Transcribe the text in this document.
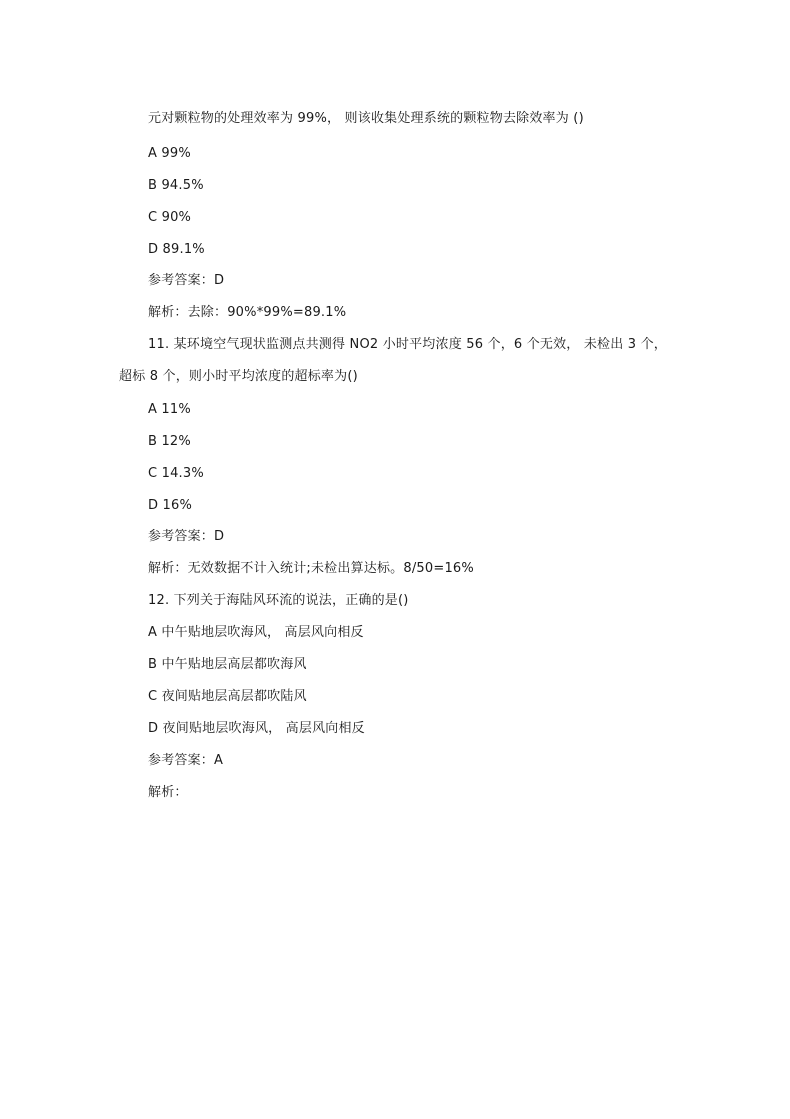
元对颗粒物的处理效率为 99%， 则该收集处理系统的颗粒物去除效率为 ()
A 99%
B 94.5%
C 90%
D 89.1%
参考答案：D
解析：去除：90%*99%=89.1%
11. 某环境空气现状监测点共测得 NO2 小时平均浓度 56 个，6 个无效， 未检出 3 个，
超标 8 个，则小时平均浓度的超标率为()
A 11%
B 12%
C 14.3%
D 16%
参考答案：D
解析：无效数据不计入统计;未检出算达标。8/50=16%
12. 下列关于海陆风环流的说法，正确的是()
A 中午贴地层吹海风， 高层风向相反
B 中午贴地层高层都吹海风
C 夜间贴地层高层都吹陆风
D 夜间贴地层吹海风， 高层风向相反
参考答案：A
解析：
